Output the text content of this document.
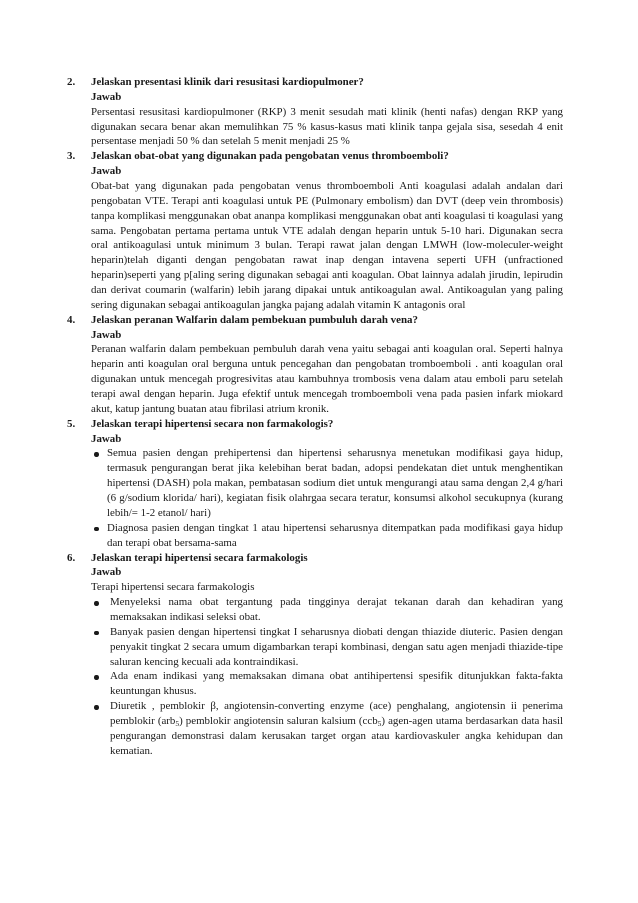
2. Jelaskan presentasi klinik dari resusitasi kardiopulmoner?
Jawab
Persentasi resusitasi kardiopulmoner (RKP) 3 menit sesudah mati klinik (henti nafas) dengan RKP yang digunakan secara benar akan memulihkan 75 % kasus-kasus mati klinik tanpa gejala sisa, sesedah 4 enit persentase menjadi 50 % dan setelah 5 menit menjadi 25 %
3. Jelaskan obat-obat yang digunakan pada pengobatan venus thromboemboli?
Jawab
Obat-bat yang digunakan pada pengobatan venus thromboemboli Anti koagulasi adalah andalan dari pengobatan VTE. Terapi anti koagulasi untuk PE (Pulmonary embolism) dan DVT (deep vein thrombosis) tanpa komplikasi menggunakan obat ananpa komplikasi menggunakan obat anti koagulasi ti koagulasi yang sama. Pengobatan pertama pertama untuk VTE adalah dengan heparin untuk 5-10 hari. Digunakan secra oral antikoagulasi untuk minimum 3 bulan. Terapi rawat jalan dengan LMWH (low-moleculer-weight heparin)telah diganti dengan pengobatan rawat inap dengan intavena seperti UFH (unfractioned heparin)seperti yang p[aling sering digunakan sebagai anti koagulan. Obat lainnya adalah jirudin, lepirudin dan derivat coumarin (walfarin) lebih jarang dipakai untuk antikoagulan awal. Antikoagulan yang paling sering digunakan sebagai antikoagulan jangka pajang adalah vitamin K antagonis oral
4. Jelaskan peranan Walfarin dalam pembekuan pumbuluh darah vena?
Jawab
Peranan walfarin dalam pembekuan pembuluh darah vena yaitu sebagai anti koagulan oral. Seperti halnya heparin anti koagulan oral berguna untuk pencegahan dan pengobatan tromboemboli . anti koagulan oral digunakan untuk mencegah progresivitas atau kambuhnya trombosis vena dalam atau emboli paru setelah terapi awal dengan heparin. Juga efektif untuk mencegah tromboemboli vena pada pasien infark miokard akut, katup jantung buatan atau fibrilasi atrium kronik.
5. Jelaskan terapi hipertensi secara non farmakologis?
Jawab
Semua pasien dengan prehipertensi dan hipertensi seharusnya menetukan modifikasi gaya hidup, termasuk pengurangan berat jika kelebihan berat badan, adopsi pendekatan diet untuk menghentikan hipertensi (DASH) pola makan, pembatasan sodium diet untuk mengurangi atau sama dengan 2,4 g/hari (6 g/sodium klorida/ hari), kegiatan fisik olahrgaa secara teratur, konsumsi alkohol secukupnya (kurang lebih/= 1-2 etanol/ hari)
Diagnosa pasien dengan tingkat 1 atau hipertensi seharusnya ditempatkan pada modifikasi gaya hidup dan terapi obat bersama-sama
6. Jelaskan terapi hipertensi secara farmakologis
Jawab
Terapi hipertensi secara farmakologis
Menyeleksi nama obat tergantung pada tingginya derajat tekanan darah dan kehadiran yang memaksakan indikasi seleksi obat.
Banyak pasien dengan hipertensi tingkat I seharusnya diobati dengan thiazide diuteric. Pasien dengan penyakit tingkat 2 secara umum digambarkan terapi kombinasi, dengan satu agen menjadi thiazide-tipe saluran kencing kecuali ada kontraindikasi.
Ada enam indikasi yang memaksakan dimana obat antihipertensi spesifik ditunjukkan fakta-fakta keuntungan khusus.
Diuretik , pemblokir β, angiotensin-converting enzyme (ace) penghalang, angiotensin ii penerima pemblokir (arb$_5$) pemblokir angiotensin saluran kalsium (ccb$_5$) agen-agen utama berdasarkan data hasil pengurangan demonstrasi dalam kerusakan target organ atau kardiovaskuler angka kehidupan dan kematian.
